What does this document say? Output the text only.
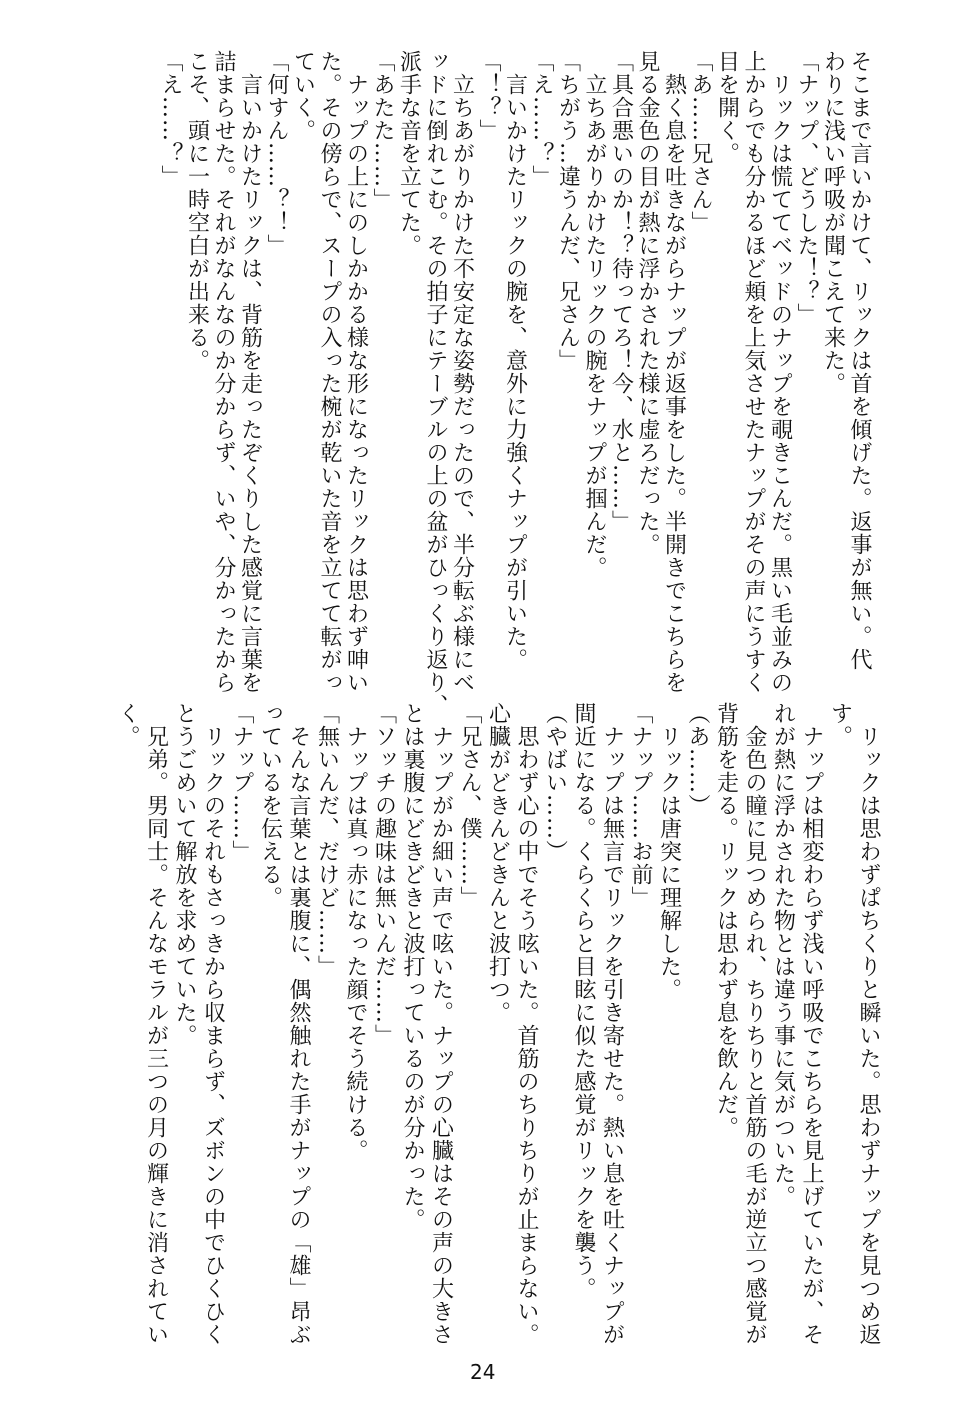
そこまで言いかけて、リックは首を傾げた。返事が無い。代
わりに浅い呼吸が聞こえて来た。
「ナップ、どうした！？」
　リックは慌ててベッドのナップを覗きこんだ。黒い毛並みの
上からでも分かるほど頬を上気させたナップがその声にうすく
目を開く。
「あ……兄さん」
　熱く息を吐きながらナップが返事をした。半開きでこちらを
見る金色の目が熱に浮かされた様に虚ろだった。
「具合悪いのか！？待ってろ！今、水と……」
　立ちあがりかけたリックの腕をナップが掴んだ。
「ちがう…違うんだ、兄さん」
「え……？」
　言いかけたリックの腕を、意外に力強くナップが引いた。
「！？」
　立ちあがりかけた不安定な姿勢だったので、半分転ぶ様にベ
ッドに倒れこむ。その拍子にテーブルの上の盆がひっくり返り、
派手な音を立てた。
「あたた……」
　ナップの上にのしかかる様な形になったリックは思わず呻い
た。その傍らで、スープの入った椀が乾いた音を立てて転がっ
ていく。
「何すん……？！」
　言いかけたリックは、背筋を走ったぞくりした感覚に言葉を
詰まらせた。それがなんなのか分からず、いや、分かったから
こそ、頭に一時空白が出来る。
「え……？」
　リックは思わずぱちくりと瞬いた。思わずナップを見つめ返
す。
　ナップは相変わらず浅い呼吸でこちらを見上げていたが、そ
れが熱に浮かされた物とは違う事に気がついた。
　金色の瞳に見つめられ、ちりちりと首筋の毛が逆立つ感覚が
背筋を走る。リックは思わず息を飲んだ。
（あ……）
　リックは唐突に理解した。
「ナップ……お前」
　ナップは無言でリックを引き寄せた。熱い息を吐くナップが
間近になる。くらくらと目眩に似た感覚がリックを襲う。
（やばい……）
　思わず心の中でそう呟いた。首筋のちりちりが止まらない。
心臓がどきんどきんと波打つ。
「兄さん、僕……」
　ナップがか細い声で呟いた。ナップの心臓はその声の大きさ
とは裏腹にどきどきと波打っているのが分かった。
「ソッチの趣味は無いんだ……」
　ナップは真っ赤になった顔でそう続ける。
「無いんだ、だけど……」
　そんな言葉とは裏腹に、偶然触れた手がナップの「雄」昂ぶ
っているを伝える。
「ナップ……」
　リックのそれもさっきから収まらず、ズボンの中でひくひく
とうごめいて解放を求めていた。
　兄弟。男同士。そんなモラルが三つの月の輝きに消されてい
く。
24
